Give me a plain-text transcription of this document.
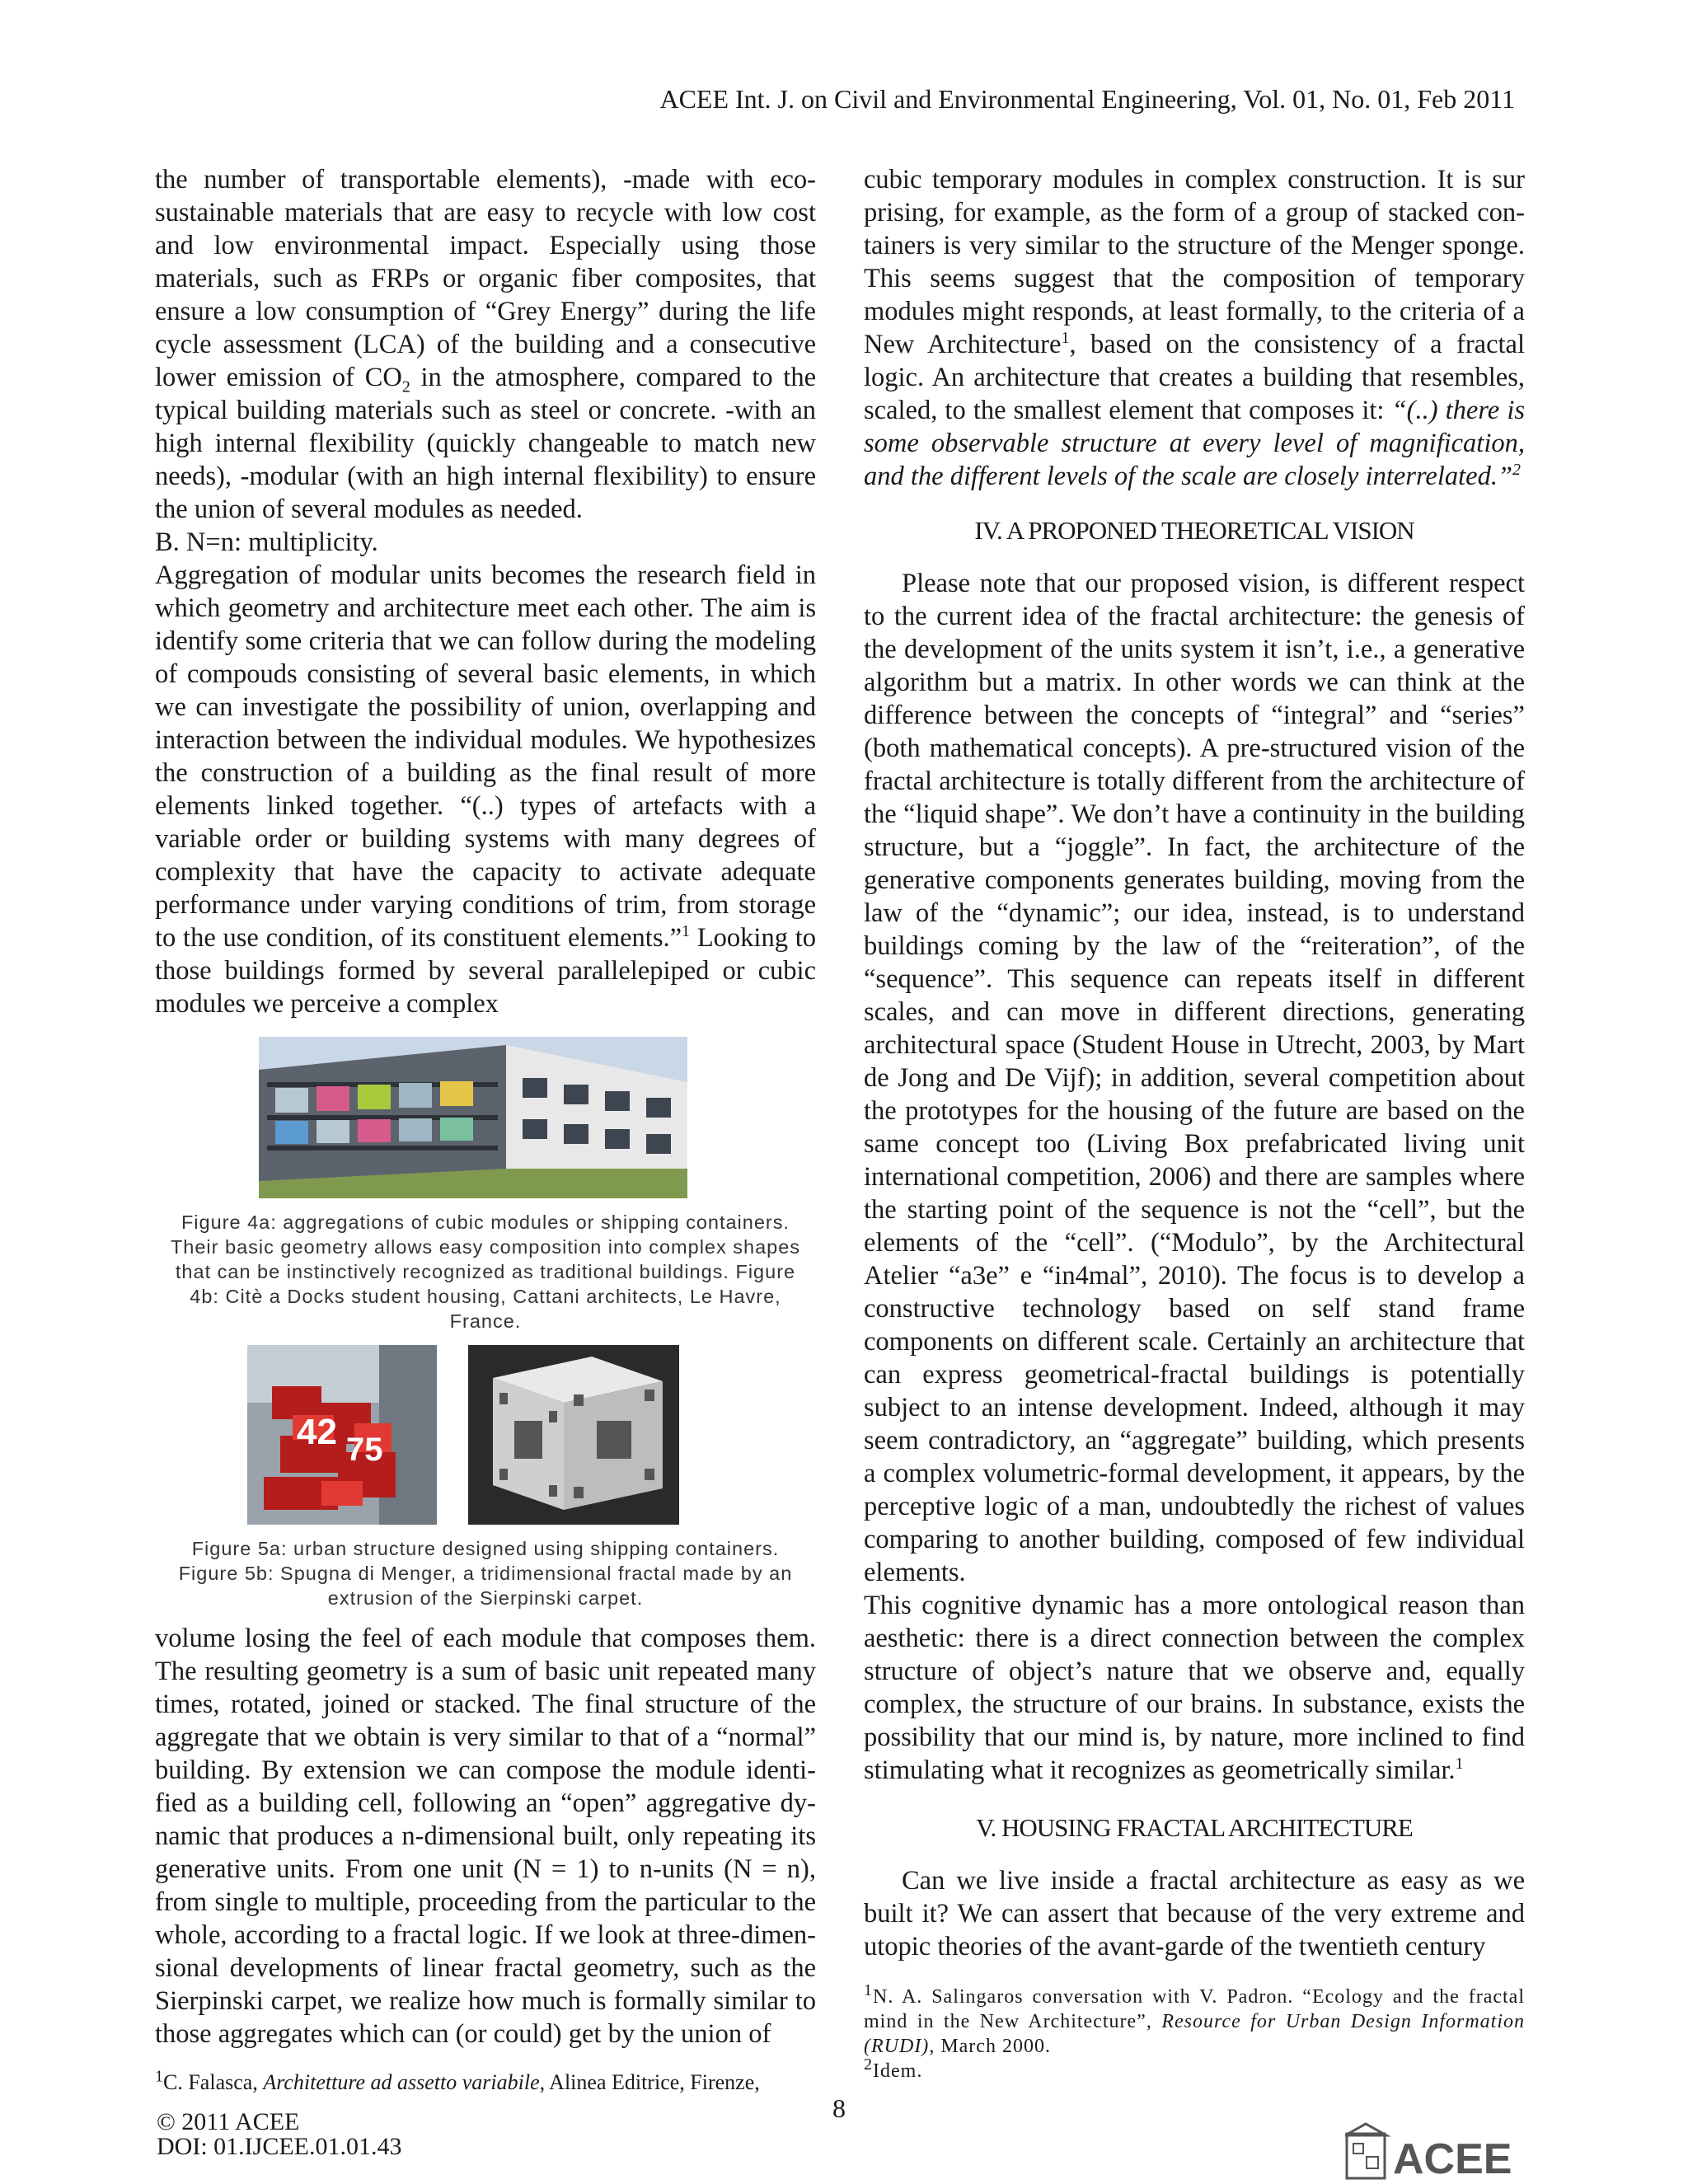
ACEE Int. J. on Civil and Environmental Engineering, Vol. 01, No. 01, Feb 2011

the number of transportable elements), -made with eco-sustainable materials that are easy to recycle with low cost and low environmental impact. Especially using those materials, such as FRPs or organic fiber composites, that ensure a low consumption of “Grey Energy” during the life cycle assessment (LCA) of the building and a consecutive lower emission of $CO_2$ in the atmosphere, compared to the typical building materials such as steel or concrete. -with an high internal flexibility (quickly changeable to match new needs), -modular (with an high internal flexibility) to ensure the union of several modules as needed.

B. N=n: multiplicity.

Aggregation of modular units becomes the research field in which geometry and architecture meet each other. The aim is identify some criteria that we can follow during the modeling of compouds consisting of several basic elements, in which we can investigate the possibility of union, overlapping and interaction between the individual modules. We hypothesizes the construction of a building as the final result of more elements linked together. “(..) types of artefacts with a variable order or building systems with many degrees of complexity that have the capacity to activate adequate performance under varying conditions of trim, from storage to the use condition, of its constituent elements.”$^1$ Looking to those buildings formed by several parallelepiped or cubic modules we perceive a complex

Figure 4a: aggregations of cubic modules or shipping containers. Their basic geometry allows easy composition into complex shapes that can be instinctively recognized as traditional buildings. Figure 4b: Citè a Docks student housing, Cattani architects, Le Havre, France.

42 75

Figure 5a: urban structure designed using shipping containers. Figure 5b: Spugna di Menger, a tridimensional fractal made by an extrusion of the Sierpinski carpet.

volume losing the feel of each module that composes them. The resulting geometry is a sum of basic unit repeated many times, rotated, joined or stacked. The final structure of the aggregate that we obtain is very similar to that of a “normal” building. By extension we can compose the module identi-fied as a building cell, following an “open” aggregative dy-namic that produces a n-dimensional built, only repeating its generative units. From one unit (N = 1) to n-units (N = n), from single to multiple, proceeding from the particular to the whole, according to a fractal logic. If we look at three-dimen-sional developments of linear fractal geometry, such as the Sierpinski carpet, we realize how much is formally similar to those aggregates which can (or could) get by the union of

$^1$C. Falasca, Architetture ad assetto variabile, Alinea Editrice, Firenze,

cubic temporary modules in complex construction. It is sur prising, for example, as the form of a group of stacked con-tainers is very similar to the structure of the Menger sponge. This seems suggest that the composition of temporary modules might responds, at least formally, to the criteria of a New Architecture$^1$, based on the consistency of a fractal logic. An architecture that creates a building that resembles, scaled, to the smallest element that composes it: “(..) there is some observable structure at every level of magnification, and the different levels of the scale are closely interrelated.”$^2$

IV. A PROPONED THEORETICAL VISION

Please note that our proposed vision, is different respect to the current idea of the fractal architecture: the genesis of the development of the units system it isn’t, i.e., a generative algorithm but a matrix. In other words we can think at the difference between the concepts of “integral” and “series” (both mathematical concepts). A pre-structured vision of the fractal architecture is totally different from the architecture of the “liquid shape”. We don’t have a continuity in the building structure, but a “joggle”. In fact, the architecture of the generative components generates building, moving from the law of the “dynamic”; our idea, instead, is to understand buildings coming by the law of the “reiteration”, of the “sequence”. This sequence can repeats itself in different scales, and can move in different directions, generating architectural space (Student House in Utrecht, 2003, by Mart de Jong and De Vijf); in addition, several competition about the prototypes for the housing of the future are based on the same concept too (Living Box prefabricated living unit international competition, 2006) and there are samples where the starting point of the sequence is not the “cell”, but the elements of the “cell”. (“Modulo”, by the Architectural Atelier “a3e” e “in4mal”, 2010). The focus is to develop a constructive technology based on self stand frame components on different scale. Certainly an architecture that can express geometrical-fractal buildings is potentially subject to an intense development. Indeed, although it may seem contradictory, an “aggregate” building, which presents a complex volumetric-formal development, it appears, by the perceptive logic of a man, undoubtedly the richest of values comparing to another building, composed of few individual elements.

This cognitive dynamic has a more ontological reason than aesthetic: there is a direct connection between the complex structure of object’s nature that we observe and, equally complex, the structure of our brains. In substance, exists the possibility that our mind is, by nature, more inclined to find stimulating what it recognizes as geometrically similar.$^1$

V. HOUSING FRACTAL ARCHITECTURE

Can we live inside a fractal architecture as easy as we built it? We can assert that because of the very extreme and utopic theories of the avant-garde of the twentieth century

$^1$N. A. Salingaros conversation with V. Padron. “Ecology and the fractal mind in the New Architecture”, Resource for Urban Design Information (RUDI), March 2000.
$^2$Idem.
8
© 2011 ACEE
DOI: 01.IJCEE.01.01.43	ACEE
